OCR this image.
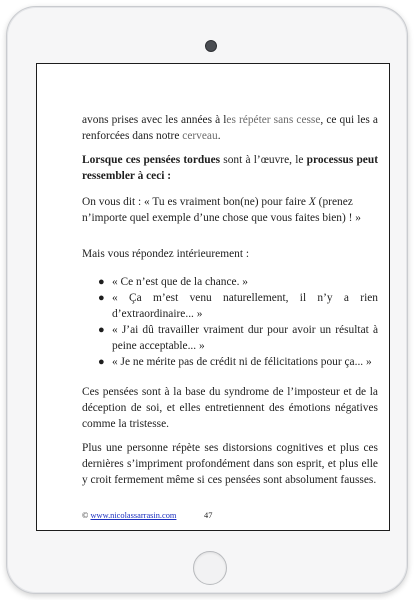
avons prises avec les années à les répéter sans cesse, ce qui les a renforcées dans notre cerveau.

Lorsque ces pensées tordues sont à l’œuvre, le processus peut ressembler à ceci :

On vous dit : « Tu es vraiment bon(ne) pour faire X (prenez n’importe quel exemple d’une chose que vous faites bien) ! »

Mais vous répondez intérieurement :

● « Ce n’est que de la chance. »
● « Ça m’est venu naturellement, il n’y a rien d’extraordinaire... »
● « J’ai dû travailler vraiment dur pour avoir un résultat à peine acceptable... »
● « Je ne mérite pas de crédit ni de félicitations pour ça... »

Ces pensées sont à la base du syndrome de l’imposteur et de la déception de soi, et elles entretiennent des émotions négatives comme la tristesse.

Plus une personne répète ses distorsions cognitives et plus ces dernières s’impriment profondément dans son esprit, et plus elle y croit fermement même si ces pensées sont absolument fausses.

© www.nicolassarrasin.com	47
